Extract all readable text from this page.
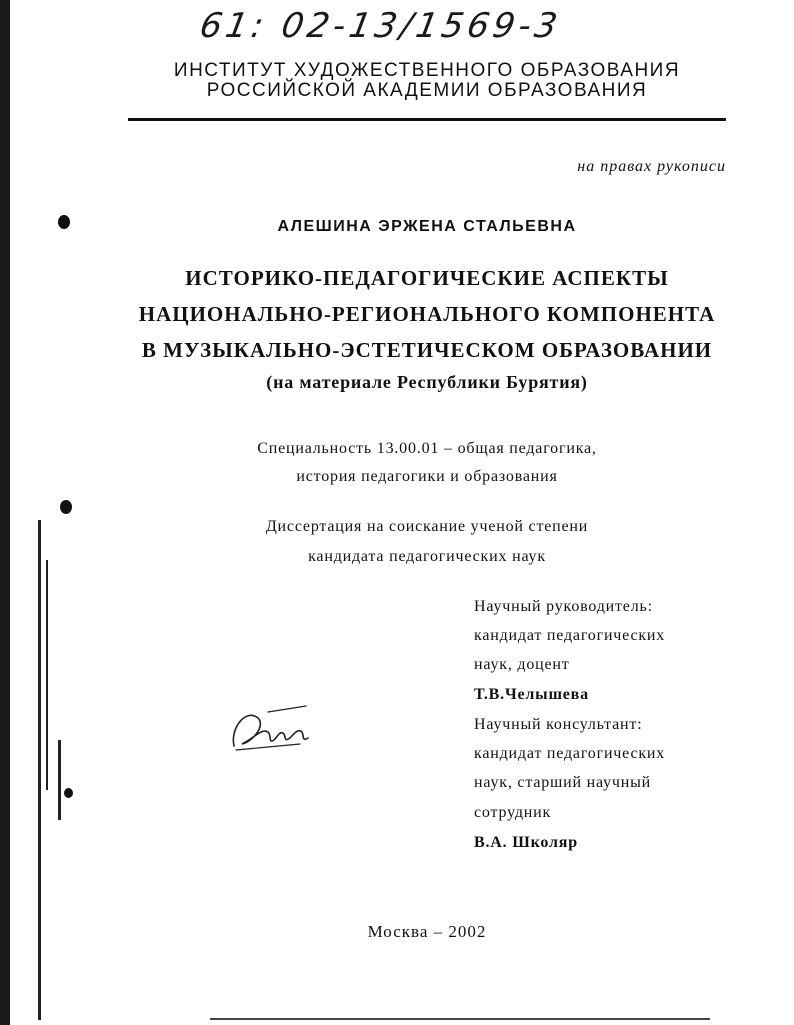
61: 02-13/1569-3
ИНСТИТУТ ХУДОЖЕСТВЕННОГО ОБРАЗОВАНИЯ
РОССИЙСКОЙ АКАДЕМИИ ОБРАЗОВАНИЯ
на правах рукописи
АЛЕШИНА ЭРЖЕНА СТАЛЬЕВНА
ИСТОРИКО-ПЕДАГОГИЧЕСКИЕ АСПЕКТЫ
НАЦИОНАЛЬНО-РЕГИОНАЛЬНОГО КОМПОНЕНТА
В МУЗЫКАЛЬНО-ЭСТЕТИЧЕСКОМ ОБРАЗОВАНИИ
(на материале Республики Бурятия)
Специальность 13.00.01 – общая педагогика,
история педагогики и образования
Диссертация на соискание ученой степени
кандидата педагогических наук
Научный руководитель:
кандидат педагогических
наук, доцент
Т.В.Челышева
Научный консультант:
кандидат педагогических
наук, старший научный
сотрудник
В.А. Школяр
Москва – 2002
